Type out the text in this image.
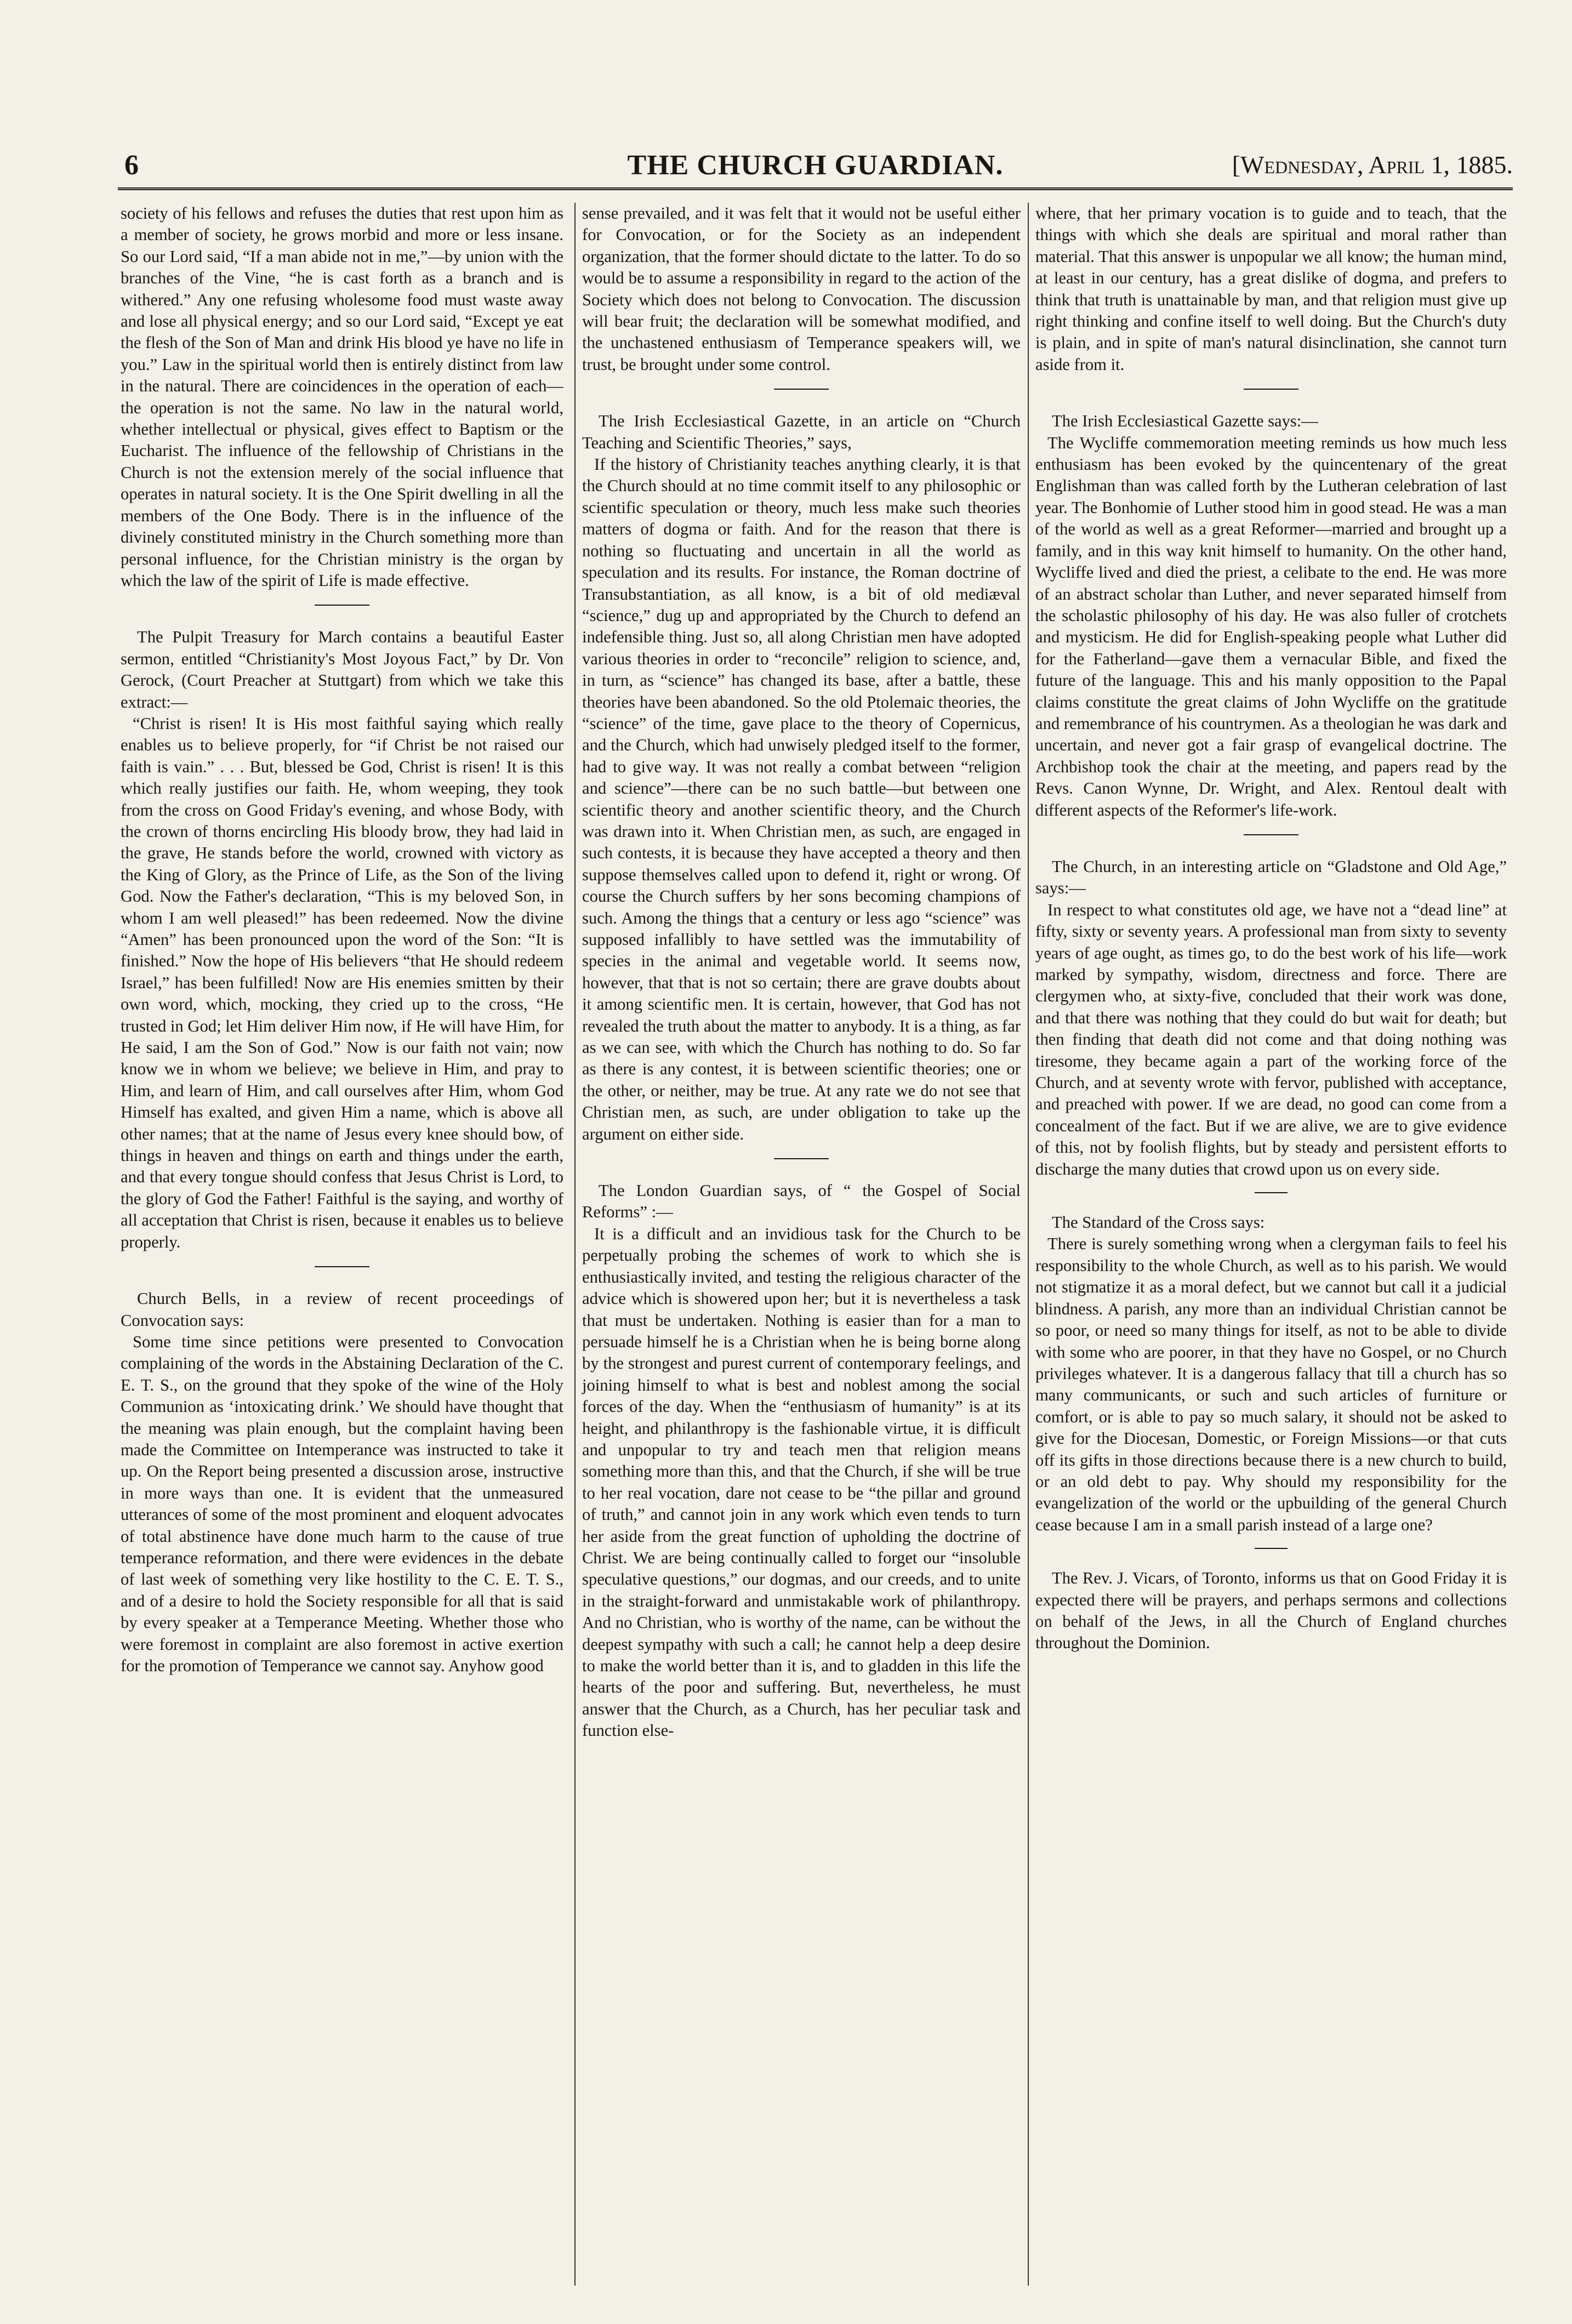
6	THE CHURCH GUARDIAN.	[Wednesday, April 1, 1885.

society of his fellows and refuses the duties that rest upon him as a member of society, he grows morbid and more or less insane. So our Lord said, “If a man abide not in me,”—by union with the branches of the Vine, “he is cast forth as a branch and is withered.” Any one refusing wholesome food must waste away and lose all physical energy; and so our Lord said, “Except ye eat the flesh of the Son of Man and drink His blood ye have no life in you.” Law in the spiritual world then is entirely distinct from law in the natural. There are coincidences in the operation of each—the operation is not the same. No law in the natural world, whether intellectual or physical, gives effect to Baptism or the Eucharist. The influence of the fellowship of Christians in the Church is not the extension merely of the social influence that operates in natural society. It is the One Spirit dwelling in all the members of the One Body. There is in the influence of the divinely constituted ministry in the Church something more than personal influence, for the Christian ministry is the organ by which the law of the spirit of Life is made effective.

The Pulpit Treasury for March contains a beautiful Easter sermon, entitled “Christianity's Most Joyous Fact,” by Dr. Von Gerock, (Court Preacher at Stuttgart) from which we take this extract:—

“Christ is risen! It is His most faithful saying which really enables us to believe properly, for “if Christ be not raised our faith is vain.” . . . But, blessed be God, Christ is risen! It is this which really justifies our faith. He, whom weeping, they took from the cross on Good Friday's evening, and whose Body, with the crown of thorns encircling His bloody brow, they had laid in the grave, He stands before the world, crowned with victory as the King of Glory, as the Prince of Life, as the Son of the living God. Now the Father's declaration, “This is my beloved Son, in whom I am well pleased!” has been redeemed. Now the divine “Amen” has been pronounced upon the word of the Son: “It is finished.” Now the hope of His believers “that He should redeem Israel,” has been fulfilled! Now are His enemies smitten by their own word, which, mocking, they cried up to the cross, “He trusted in God; let Him deliver Him now, if He will have Him, for He said, I am the Son of God.” Now is our faith not vain; now know we in whom we believe; we believe in Him, and pray to Him, and learn of Him, and call ourselves after Him, whom God Himself has exalted, and given Him a name, which is above all other names; that at the name of Jesus every knee should bow, of things in heaven and things on earth and things under the earth, and that every tongue should confess that Jesus Christ is Lord, to the glory of God the Father! Faithful is the saying, and worthy of all acceptation that Christ is risen, because it enables us to believe properly.

Church Bells, in a review of recent proceedings of Convocation says:

Some time since petitions were presented to Convocation complaining of the words in the Abstaining Declaration of the C. E. T. S., on the ground that they spoke of the wine of the Holy Communion as ‘intoxicating drink.’ We should have thought that the meaning was plain enough, but the complaint having been made the Committee on Intemperance was instructed to take it up. On the Report being presented a discussion arose, instructive in more ways than one. It is evident that the unmeasured utterances of some of the most prominent and eloquent advocates of total abstinence have done much harm to the cause of true temperance reformation, and there were evidences in the debate of last week of something very like hostility to the C. E. T. S., and of a desire to hold the Society responsible for all that is said by every speaker at a Temperance Meeting. Whether those who were foremost in complaint are also foremost in active exertion for the promotion of Temperance we cannot say. Anyhow good

sense prevailed, and it was felt that it would not be useful either for Convocation, or for the Society as an independent organization, that the former should dictate to the latter. To do so would be to assume a responsibility in regard to the action of the Society which does not belong to Convocation. The discussion will bear fruit; the declaration will be somewhat modified, and the unchastened enthusiasm of Temperance speakers will, we trust, be brought under some control.

The Irish Ecclesiastical Gazette, in an article on “Church Teaching and Scientific Theories,” says,

If the history of Christianity teaches anything clearly, it is that the Church should at no time commit itself to any philosophic or scientific speculation or theory, much less make such theories matters of dogma or faith. And for the reason that there is nothing so fluctuating and uncertain in all the world as speculation and its results. For instance, the Roman doctrine of Transubstantiation, as all know, is a bit of old mediæval “science,” dug up and appropriated by the Church to defend an indefensible thing. Just so, all along Christian men have adopted various theories in order to “reconcile” religion to science, and, in turn, as “science” has changed its base, after a battle, these theories have been abandoned. So the old Ptolemaic theories, the “science” of the time, gave place to the theory of Copernicus, and the Church, which had unwisely pledged itself to the former, had to give way. It was not really a combat between “religion and science”—there can be no such battle—but between one scientific theory and another scientific theory, and the Church was drawn into it. When Christian men, as such, are engaged in such contests, it is because they have accepted a theory and then suppose themselves called upon to defend it, right or wrong. Of course the Church suffers by her sons becoming champions of such. Among the things that a century or less ago “science” was supposed infallibly to have settled was the immutability of species in the animal and vegetable world. It seems now, however, that that is not so certain; there are grave doubts about it among scientific men. It is certain, however, that God has not revealed the truth about the matter to anybody. It is a thing, as far as we can see, with which the Church has nothing to do. So far as there is any contest, it is between scientific theories; one or the other, or neither, may be true. At any rate we do not see that Christian men, as such, are under obligation to take up the argument on either side.

The London Guardian says, of “ the Gospel of Social Reforms” :—

It is a difficult and an invidious task for the Church to be perpetually probing the schemes of work to which she is enthusiastically invited, and testing the religious character of the advice which is showered upon her; but it is nevertheless a task that must be undertaken. Nothing is easier than for a man to persuade himself he is a Christian when he is being borne along by the strongest and purest current of contemporary feelings, and joining himself to what is best and noblest among the social forces of the day. When the “enthusiasm of humanity” is at its height, and philanthropy is the fashionable virtue, it is difficult and unpopular to try and teach men that religion means something more than this, and that the Church, if she will be true to her real vocation, dare not cease to be “the pillar and ground of truth,” and cannot join in any work which even tends to turn her aside from the great function of upholding the doctrine of Christ. We are being continually called to forget our “insoluble speculative questions,” our dogmas, and our creeds, and to unite in the straight-forward and unmistakable work of philanthropy. And no Christian, who is worthy of the name, can be without the deepest sympathy with such a call; he cannot help a deep desire to make the world better than it is, and to gladden in this life the hearts of the poor and suffering. But, nevertheless, he must answer that the Church, as a Church, has her peculiar task and function else-

where, that her primary vocation is to guide and to teach, that the things with which she deals are spiritual and moral rather than material. That this answer is unpopular we all know; the human mind, at least in our century, has a great dislike of dogma, and prefers to think that truth is unattainable by man, and that religion must give up right thinking and confine itself to well doing. But the Church's duty is plain, and in spite of man's natural disinclination, she cannot turn aside from it.

The Irish Ecclesiastical Gazette says:—

The Wycliffe commemoration meeting reminds us how much less enthusiasm has been evoked by the quincentenary of the great Englishman than was called forth by the Lutheran celebration of last year. The Bonhomie of Luther stood him in good stead. He was a man of the world as well as a great Reformer—married and brought up a family, and in this way knit himself to humanity. On the other hand, Wycliffe lived and died the priest, a celibate to the end. He was more of an abstract scholar than Luther, and never separated himself from the scholastic philosophy of his day. He was also fuller of crotchets and mysticism. He did for English-speaking people what Luther did for the Fatherland—gave them a vernacular Bible, and fixed the future of the language. This and his manly opposition to the Papal claims constitute the great claims of John Wycliffe on the gratitude and remembrance of his countrymen. As a theologian he was dark and uncertain, and never got a fair grasp of evangelical doctrine. The Archbishop took the chair at the meeting, and papers read by the Revs. Canon Wynne, Dr. Wright, and Alex. Rentoul dealt with different aspects of the Reformer's life-work.

The Church, in an interesting article on “Gladstone and Old Age,” says:—

In respect to what constitutes old age, we have not a “dead line” at fifty, sixty or seventy years. A professional man from sixty to seventy years of age ought, as times go, to do the best work of his life—work marked by sympathy, wisdom, directness and force. There are clergymen who, at sixty-five, concluded that their work was done, and that there was nothing that they could do but wait for death; but then finding that death did not come and that doing nothing was tiresome, they became again a part of the working force of the Church, and at seventy wrote with fervor, published with acceptance, and preached with power. If we are dead, no good can come from a concealment of the fact. But if we are alive, we are to give evidence of this, not by foolish flights, but by steady and persistent efforts to discharge the many duties that crowd upon us on every side.

The Standard of the Cross says:

There is surely something wrong when a clergyman fails to feel his responsibility to the whole Church, as well as to his parish. We would not stigmatize it as a moral defect, but we cannot but call it a judicial blindness. A parish, any more than an individual Christian cannot be so poor, or need so many things for itself, as not to be able to divide with some who are poorer, in that they have no Gospel, or no Church privileges whatever. It is a dangerous fallacy that till a church has so many communicants, or such and such articles of furniture or comfort, or is able to pay so much salary, it should not be asked to give for the Diocesan, Domestic, or Foreign Missions—or that cuts off its gifts in those directions because there is a new church to build, or an old debt to pay. Why should my responsibility for the evangelization of the world or the upbuilding of the general Church cease because I am in a small parish instead of a large one?

The Rev. J. Vicars, of Toronto, informs us that on Good Friday it is expected there will be prayers, and perhaps sermons and collections on behalf of the Jews, in all the Church of England churches throughout the Dominion.
